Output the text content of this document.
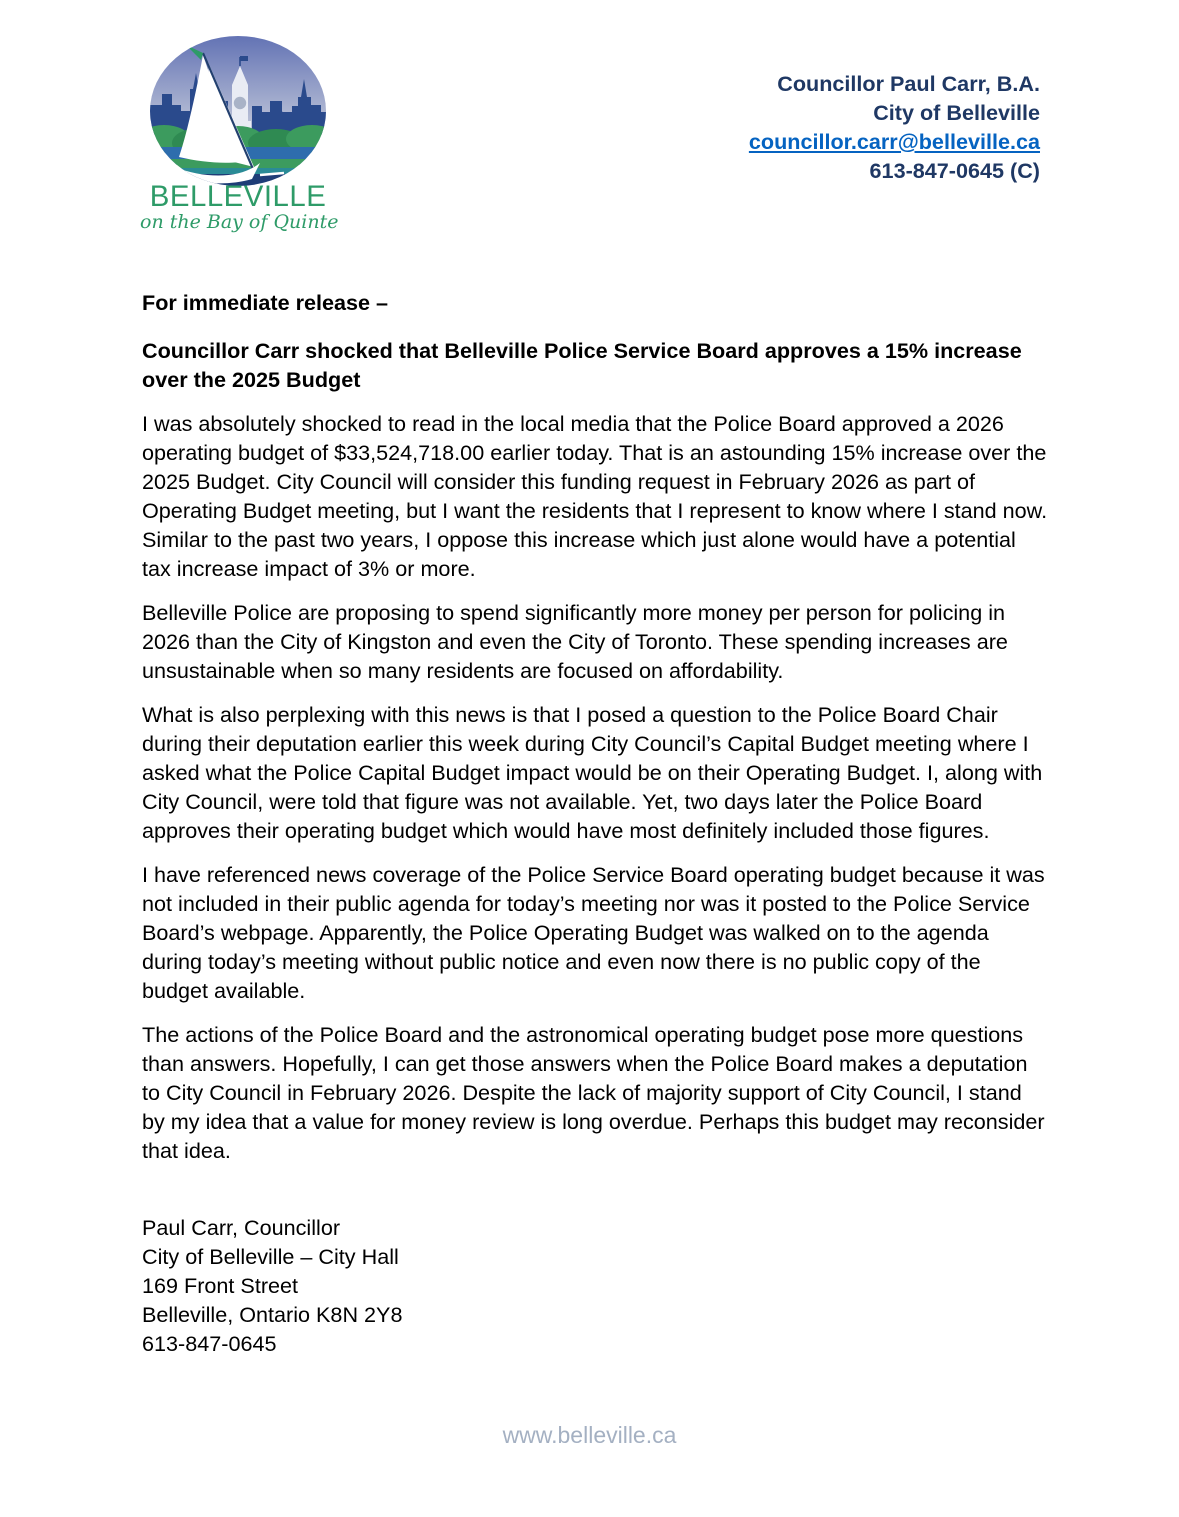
BELLEVILLE
on the Bay of Quinte
Councillor Paul Carr, B.A.
City of Belleville
councillor.carr@belleville.ca
613-847-0645 (C)

For immediate release –

Councillor Carr shocked that Belleville Police Service Board approves a 15% increase over the 2025 Budget

I was absolutely shocked to read in the local media that the Police Board approved a 2026 operating budget of $33,524,718.00 earlier today. That is an astounding 15% increase over the 2025 Budget. City Council will consider this funding request in February 2026 as part of Operating Budget meeting, but I want the residents that I represent to know where I stand now. Similar to the past two years, I oppose this increase which just alone would have a potential tax increase impact of 3% or more.

Belleville Police are proposing to spend significantly more money per person for policing in 2026 than the City of Kingston and even the City of Toronto. These spending increases are unsustainable when so many residents are focused on affordability.

What is also perplexing with this news is that I posed a question to the Police Board Chair during their deputation earlier this week during City Council’s Capital Budget meeting where I asked what the Police Capital Budget impact would be on their Operating Budget. I, along with City Council, were told that figure was not available. Yet, two days later the Police Board approves their operating budget which would have most definitely included those figures.

I have referenced news coverage of the Police Service Board operating budget because it was not included in their public agenda for today’s meeting nor was it posted to the Police Service Board’s webpage. Apparently, the Police Operating Budget was walked on to the agenda during today’s meeting without public notice and even now there is no public copy of the budget available.

The actions of the Police Board and the astronomical operating budget pose more questions than answers. Hopefully, I can get those answers when the Police Board makes a deputation to City Council in February 2026. Despite the lack of majority support of City Council, I stand by my idea that a value for money review is long overdue. Perhaps this budget may reconsider that idea.

Paul Carr, Councillor
City of Belleville – City Hall
169 Front Street
Belleville, Ontario K8N 2Y8
613-847-0645
www.belleville.ca
